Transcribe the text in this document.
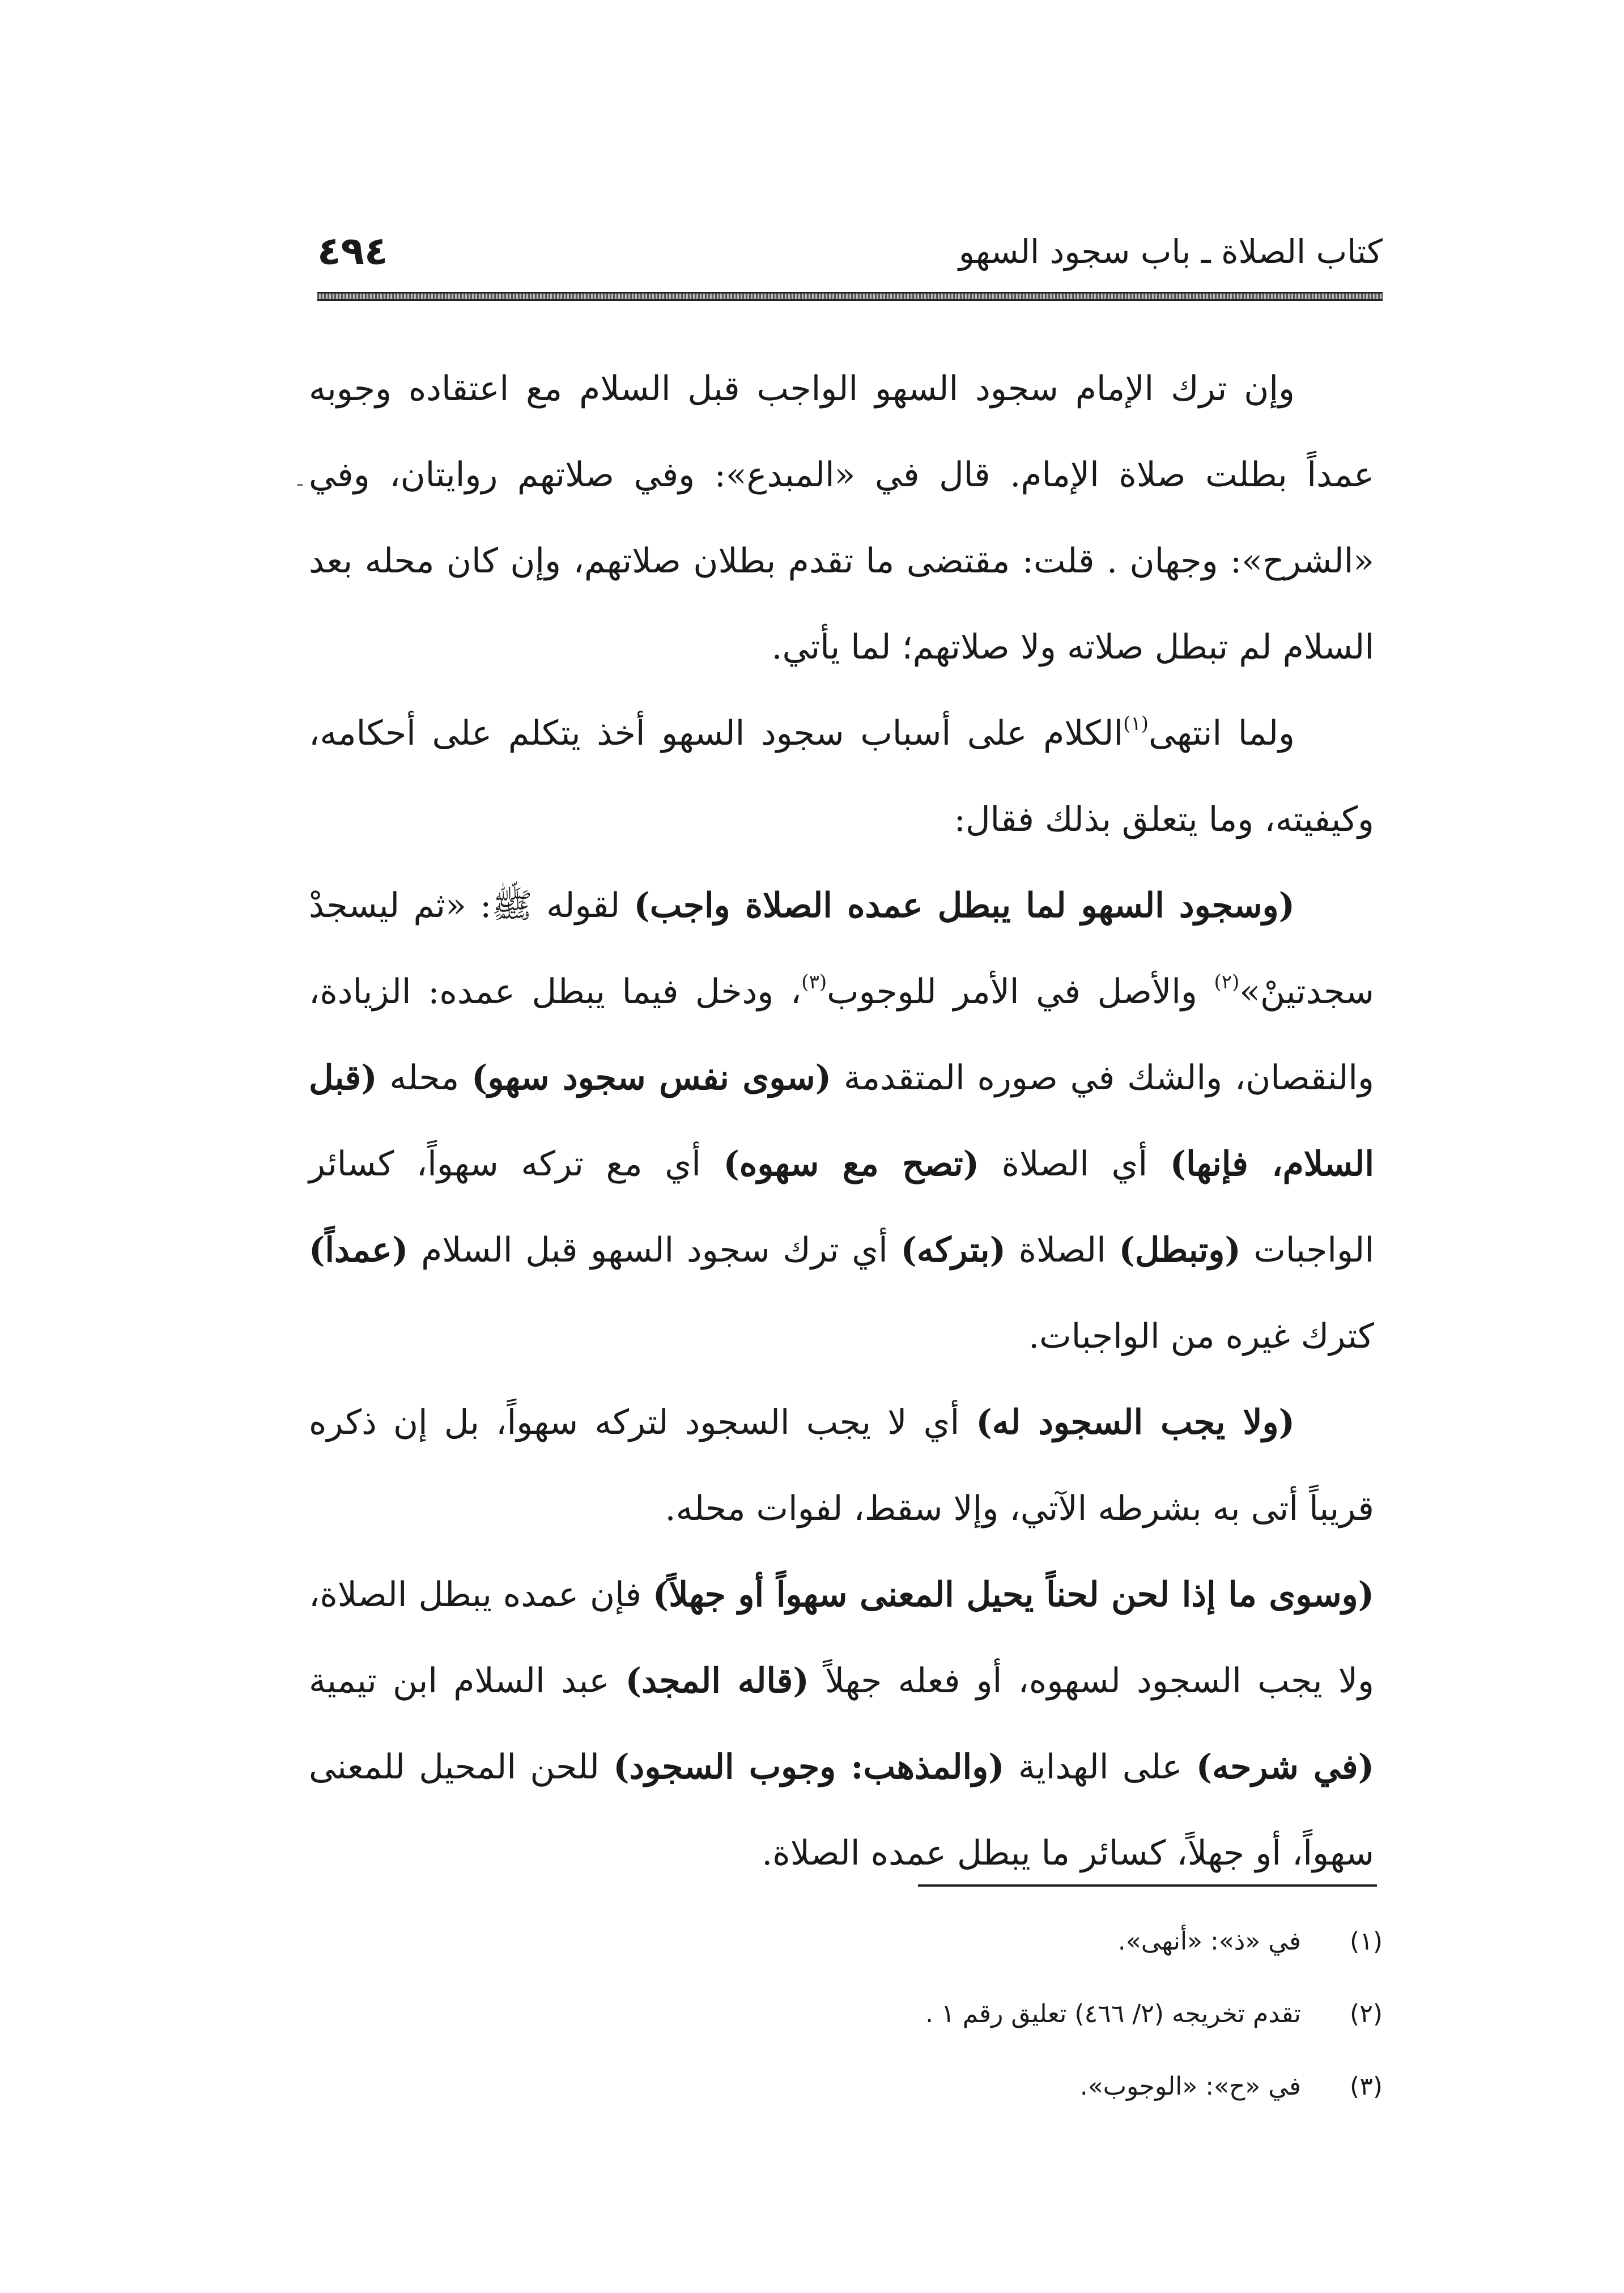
كتاب الصلاة ـ باب سجود السهو
٤٩٤
ـ

وإن ترك الإمام سجود السهو الواجب قبل السلام مع اعتقاده وجوبه عمداً بطلت صلاة الإمام. قال في «المبدع»: وفي صلاتهم روايتان، وفي «الشرح»: وجهان . قلت: مقتضى ما تقدم بطلان صلاتهم، وإن كان محله بعد السلام لم تبطل صلاته ولا صلاتهم؛ لما يأتي.

ولما انتهى$^{(١)}$الكلام على أسباب سجود السهو أخذ يتكلم على أحكامه، وكيفيته، وما يتعلق بذلك فقال:

(وسجود السهو لما يبطل عمده الصلاة واجب) لقوله ﷺ: «ثم ليسجدْ سجدتينْ»$^{(٢)}$ والأصل في الأمر للوجوب$^{(٣)}$، ودخل فيما يبطل عمده: الزيادة، والنقصان، والشك في صوره المتقدمة (سوى نفس سجود سهو) محله (قبل السلام، فإنها) أي الصلاة (تصح مع سهوه) أي مع تركه سهواً، كسائر الواجبات (وتبطل) الصلاة (بتركه) أي ترك سجود السهو قبل السلام (عمداً) كترك غيره من الواجبات.

(ولا يجب السجود له) أي لا يجب السجود لتركه سهواً، بل إن ذكره قريباً أتى به بشرطه الآتي، وإلا سقط، لفوات محله.

(وسوى ما إذا لحن لحناً يحيل المعنى سهواً أو جهلاً) فإن عمده يبطل الصلاة، ولا يجب السجود لسهوه، أو فعله جهلاً (قاله المجد) عبد السلام ابن تيمية (في شرحه) على الهداية (والمذهب: وجوب السجود) للحن المحيل للمعنى سهواً، أو جهلاً، كسائر ما يبطل عمده الصلاة.

(١) في «ذ»: «أنهى».
(٢) تقدم تخريجه (٢/ ٤٦٦) تعليق رقم ١ .
(٣) في «ح»: «الوجوب».
